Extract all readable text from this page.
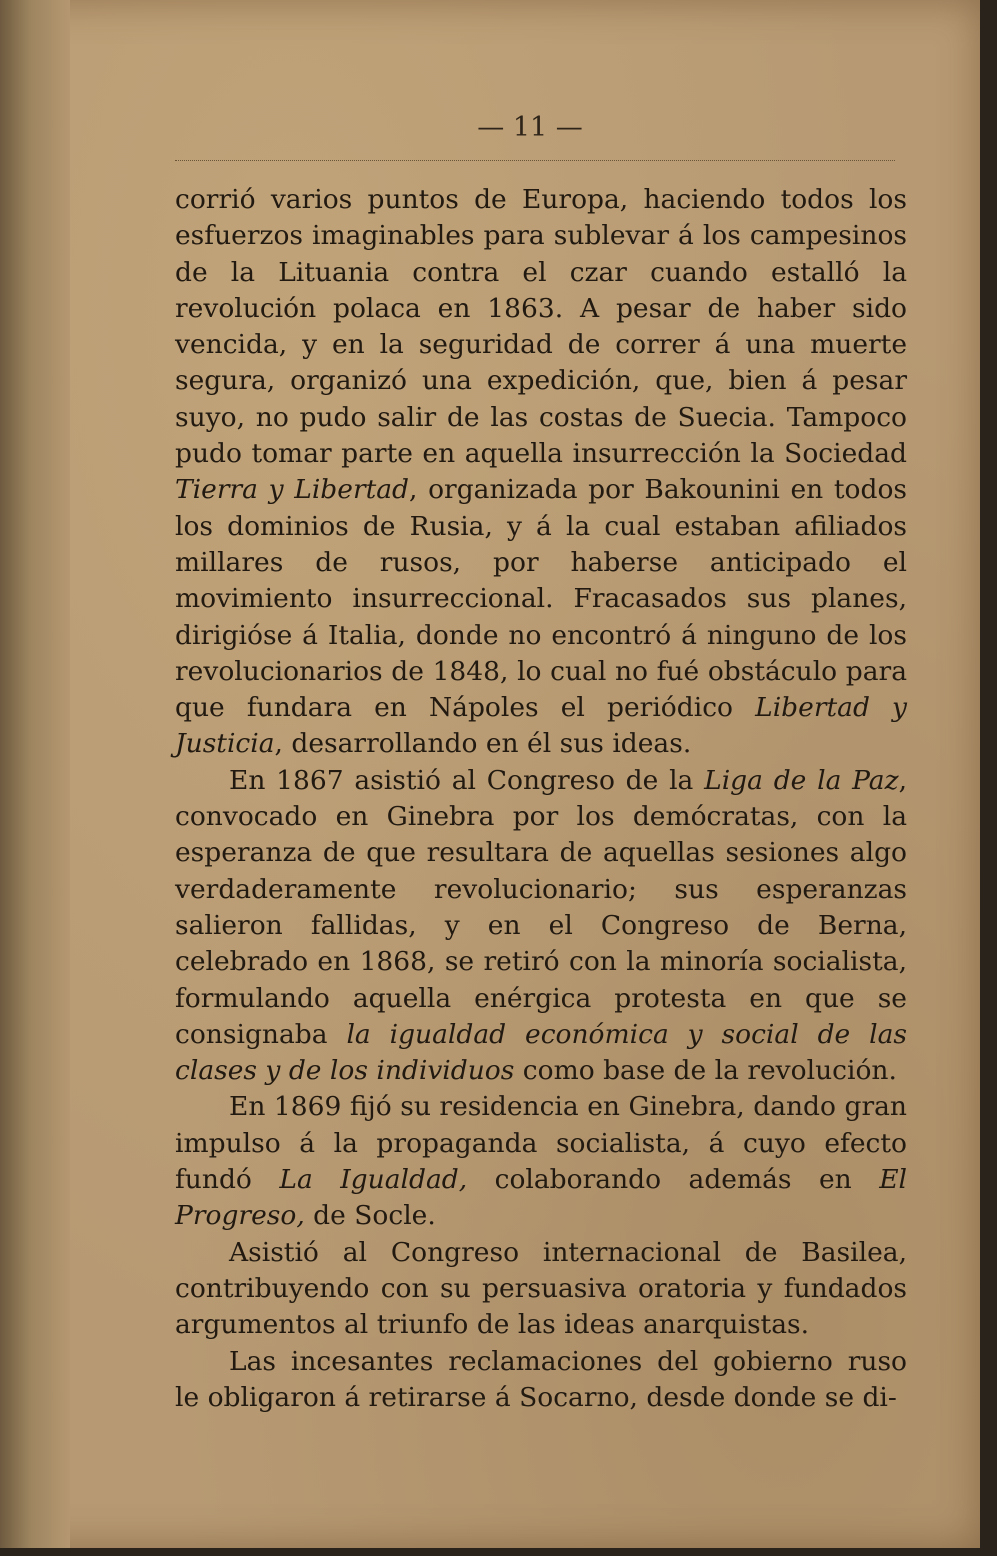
— 11 —

corrió varios puntos de Europa, haciendo todos los esfuerzos imaginables para sublevar á los campesinos de la Lituania contra el czar cuando estalló la revolución polaca en 1863. A pesar de haber sido vencida, y en la seguridad de correr á una muerte segura, organizó una expedición, que, bien á pesar suyo, no pudo salir de las costas de Suecia. Tampoco pudo tomar parte en aquella insurrección la Sociedad Tierra y Libertad, organizada por Bakounini en todos los dominios de Rusia, y á la cual estaban afiliados millares de rusos, por haberse anticipado el movimiento insurreccional. Fracasados sus planes, dirigióse á Italia, donde no encontró á ninguno de los revolucionarios de 1848, lo cual no fué obstáculo para que fundara en Nápoles el periódico Libertad y Justicia, desarrollando en él sus ideas.

En 1867 asistió al Congreso de la Liga de la Paz, convocado en Ginebra por los demócratas, con la esperanza de que resultara de aquellas sesiones algo verdaderamente revolucionario; sus esperanzas salieron fallidas, y en el Congreso de Berna, celebrado en 1868, se retiró con la minoría socialista, formulando aquella enérgica protesta en que se consignaba la igualdad económica y social de las clases y de los individuos como base de la revolución.

En 1869 fijó su residencia en Ginebra, dando gran impulso á la propaganda socialista, á cuyo efecto fundó La Igualdad, colaborando además en El Progreso, de Socle.

Asistió al Congreso internacional de Basilea, contribuyendo con su persuasiva oratoria y fundados argumentos al triunfo de las ideas anarquistas.

Las incesantes reclamaciones del gobierno ruso le obligaron á retirarse á Socarno, desde donde se di-
